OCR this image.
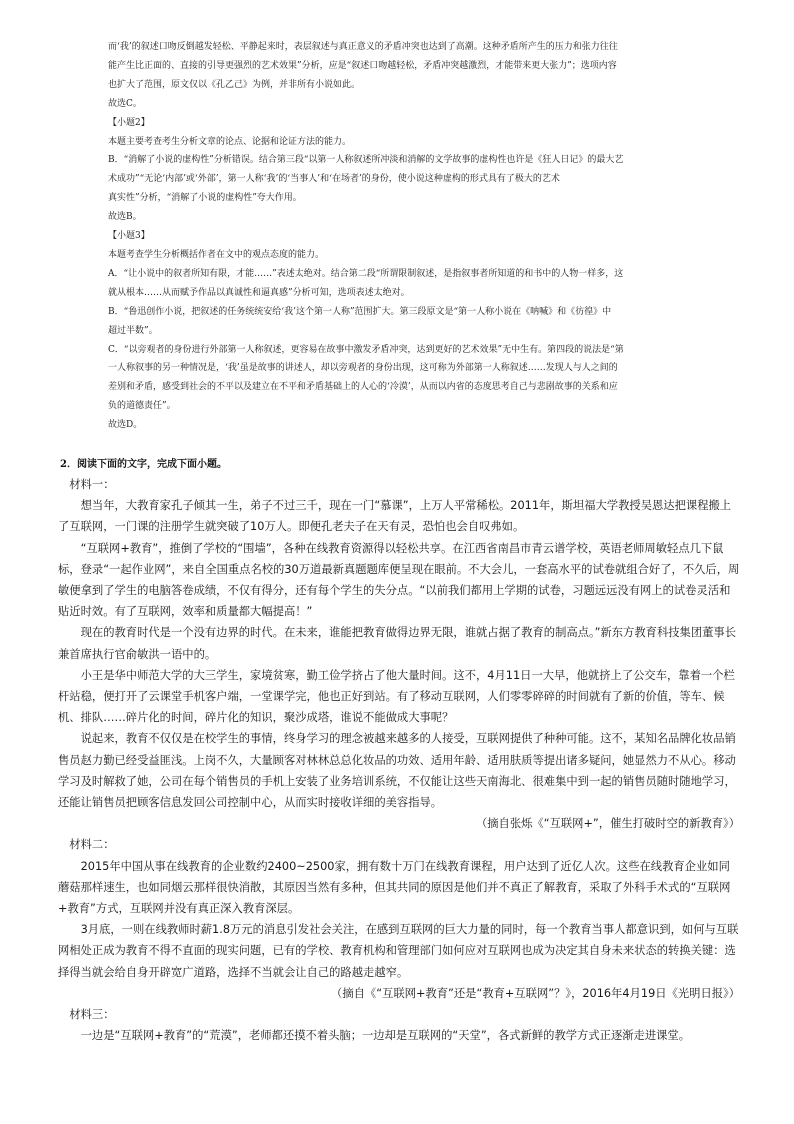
而‘我’的叙述口吻反倒越发轻松、平静起来时，表层叙述与真正意义的矛盾冲突也达到了高潮。这种矛盾所产生的压力和张力往往

能产生比正面的、直接的引导更强烈的艺术效果”分析，应是“叙述口吻越轻松，矛盾冲突越激烈，才能带来更大张力”；选项内容

也扩大了范围，原文仅以《孔乙己》为例，并非所有小说如此。

故选C。

【小题2】

本题主要考查考生分析文章的论点、论据和论证方法的能力。

B．“消解了小说的虚构性”分析错误。结合第三段“以第一人称叙述所冲淡和消解的文学故事的虚构性也许是《狂人日记》的最大艺

术成功”“无论‘内部’或‘外部’，第一人称‘我’的‘当事人’和‘在场者’的身份，使小说这种虚构的形式具有了极大的艺术

真实性”分析，“消解了小说的虚构性”夸大作用。

故选B。

【小题3】

本题考查学生分析概括作者在文中的观点态度的能力。

A．“让小说中的叙者所知有限，才能……”表述太绝对。结合第二段“所谓限制叙述，是指叙事者所知道的和书中的人物一样多，这

就从根本……从而赋予作品以真诚性和逼真感”分析可知，选项表述太绝对。

B．“鲁迅创作小说，把叙述的任务统统安给‘我’这个第一人称”范围扩大。第三段原文是“第一人称小说在《呐喊》和《彷徨》中

超过半数”。

C．“以旁观者的身份进行外部第一人称叙述，更容易在故事中激发矛盾冲突，达到更好的艺术效果”无中生有。第四段的说法是“第

一人称叙事的另一种情况是，‘我’虽是故事的讲述人，却以旁观者的身份出现，这可称为外部第一人称叙述……发现人与人之间的

差别和矛盾，感受到社会的不平以及建立在不平和矛盾基础上的人心的‘冷漠’，从而以内省的态度思考自己与悲剧故事的关系和应

负的道德责任”。

故选D。

2．阅读下面的文字，完成下面小题。

材料一：

想当年，大教育家孔子倾其一生，弟子不过三千，现在一门“慕课”，上万人平常稀松。2011年，斯坦福大学教授吴恩达把课程搬上了互联网，一门课的注册学生就突破了10万人。即便孔老夫子在天有灵，恐怕也会自叹弗如。

“互联网+教育”，推倒了学校的“围墙”，各种在线教育资源得以轻松共享。在江西省南昌市青云谱学校，英语老师周敏轻点几下鼠标，登录“一起作业网”，来自全国重点名校的30万道最新真题题库便呈现在眼前。不大会儿，一套高水平的试卷就组合好了，不久后，周敏便拿到了学生的电脑答卷成绩，不仅有得分，还有每个学生的失分点。“以前我们都用上学期的试卷，习题远远没有网上的试卷灵活和贴近时效。有了互联网，效率和质量都大幅提高！”

现在的教育时代是一个没有边界的时代。在未来，谁能把教育做得边界无限，谁就占据了教育的制高点。”新东方教育科技集团董事长兼首席执行官俞敏洪一语中的。

小王是华中师范大学的大三学生，家境贫寒，勤工俭学挤占了他大量时间。这不，4月11日一大早，他就挤上了公交车，靠着一个栏杆站稳，便打开了云课堂手机客户端，一堂课学完，他也正好到站。有了移动互联网，人们零零碎碎的时间就有了新的价值，等车、候机、排队……碎片化的时间，碎片化的知识，聚沙成塔，谁说不能做成大事呢？

说起来，教育不仅仅是在校学生的事情，终身学习的理念被越来越多的人接受，互联网提供了种种可能。这不，某知名品牌化妆品销售员赵力勤已经受益匪浅。上岗不久，大量顾客对林林总总化妆品的功效、适用年龄、适用肤质等提出诸多疑问，她显然力不从心。移动学习及时解救了她，公司在每个销售员的手机上安装了业务培训系统，不仅能让这些天南海北、很难集中到一起的销售员随时随地学习，还能让销售员把顾客信息发回公司控制中心，从而实时接收详细的美容指导。

（摘自张烁《“互联网+”，催生打破时空的新教育》）

材料二：

2015年中国从事在线教育的企业数约2400~2500家，拥有数十万门在线教育课程，用户达到了近亿人次。这些在线教育企业如同蘑菇那样速生，也如同烟云那样很快消散，其原因当然有多种，但其共同的原因是他们并不真正了解教育，采取了外科手术式的“互联网+教育”方式，互联网并没有真正深入教育深层。

3月底，一则在线教师时薪1.8万元的消息引发社会关注，在感到互联网的巨大力量的同时，每一个教育当事人都意识到，如何与互联网相处正成为教育不得不直面的现实问题，已有的学校、教育机构和管理部门如何应对互联网也成为决定其自身未来状态的转换关键：选择得当就会给自身开辟宽广道路，选择不当就会让自己的路越走越窄。

（摘自《“互联网+教育”还是“教育+互联网”？》，2016年4月19日《光明日报》）

材料三：

一边是“互联网+教育”的“荒漠”，老师都还摸不着头脑；一边却是互联网的“天堂”，各式新鲜的教学方式正逐渐走进课堂。
